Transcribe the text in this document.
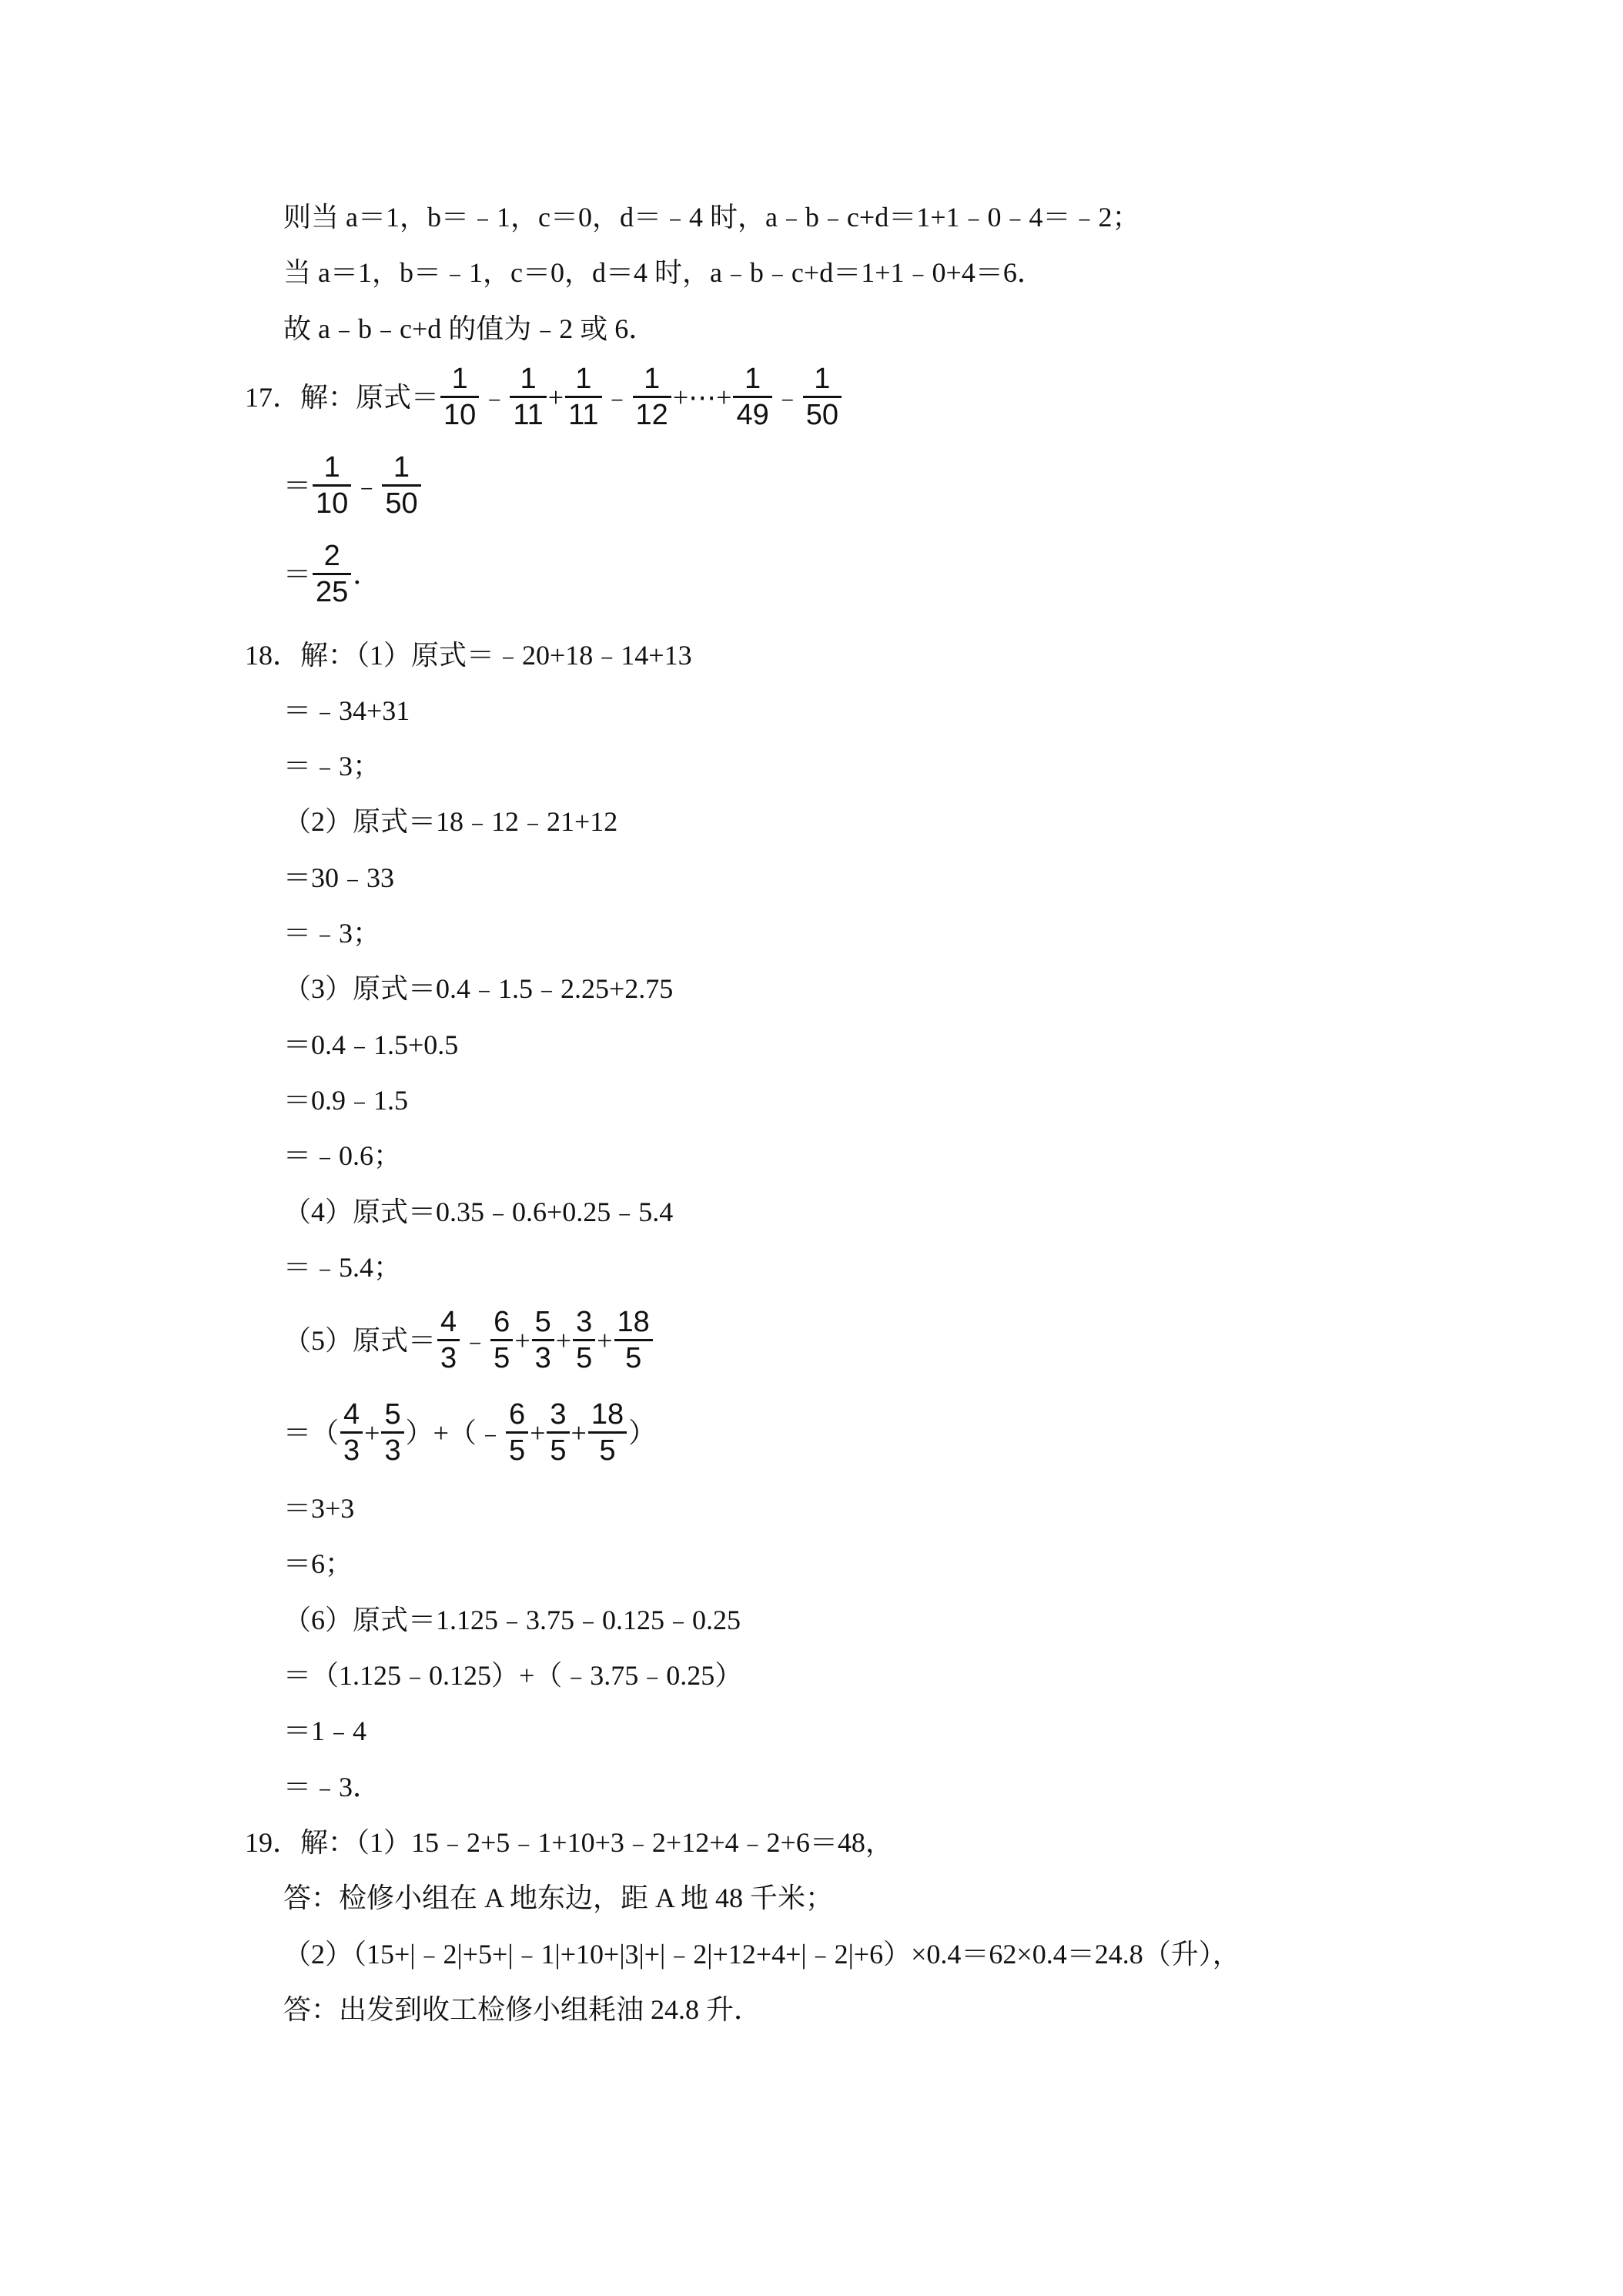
则当 a＝1，b＝﹣1，c＝0，d＝﹣4 时，a﹣b﹣c+d＝1+1﹣0﹣4＝﹣2；
当 a＝1，b＝﹣1，c＝0，d＝4 时，a﹣b﹣c+d＝1+1﹣0+4＝6．
故 a﹣b﹣c+d 的值为﹣2 或 6．
17．解：原式＝ $\frac{1}{10}$ ﹣ $\frac{1}{11} + \frac{1}{11}$ ﹣ $\frac{1}{12}$ +⋯+ $\frac{1}{49}$ ﹣ $\frac{1}{50}$
＝ $\frac{1}{10}$ ﹣ $\frac{1}{50}$
＝ $\frac{2}{25}$ ．
18．解：（1）原式＝﹣20+18﹣14+13
＝﹣34+31
＝﹣3；
（2）原式＝18﹣12﹣21+12
＝30﹣33
＝﹣3；
（3）原式＝0.4﹣1.5﹣2.25+2.75
＝0.4﹣1.5+0.5
＝0.9﹣1.5
＝﹣0.6；
（4）原式＝0.35﹣0.6+0.25﹣5.4
＝﹣5.4；
（5）原式＝ $\frac{4}{3}$ ﹣ $\frac{6}{5} + \frac{5}{3} + \frac{3}{5} + \frac{18}{5}$
＝（ $\frac{4}{3} + \frac{5}{3}$ ）+（﹣ $\frac{6}{5} + \frac{3}{5} + \frac{18}{5}$ ）
＝3+3
＝6；
（6）原式＝1.125﹣3.75﹣0.125﹣0.25
＝（1.125﹣0.125）+（﹣3.75﹣0.25）
＝1﹣4
＝﹣3．
19．解：（1）15﹣2+5﹣1+10+3﹣2+12+4﹣2+6＝48，
答：检修小组在 A 地东边，距 A 地 48 千米；
（2）（15+|﹣2|+5+|﹣1|+10+|3|+|﹣2|+12+4+|﹣2|+6）×0.4＝62×0.4＝24.8（升），
答：出发到收工检修小组耗油 24.8 升．
